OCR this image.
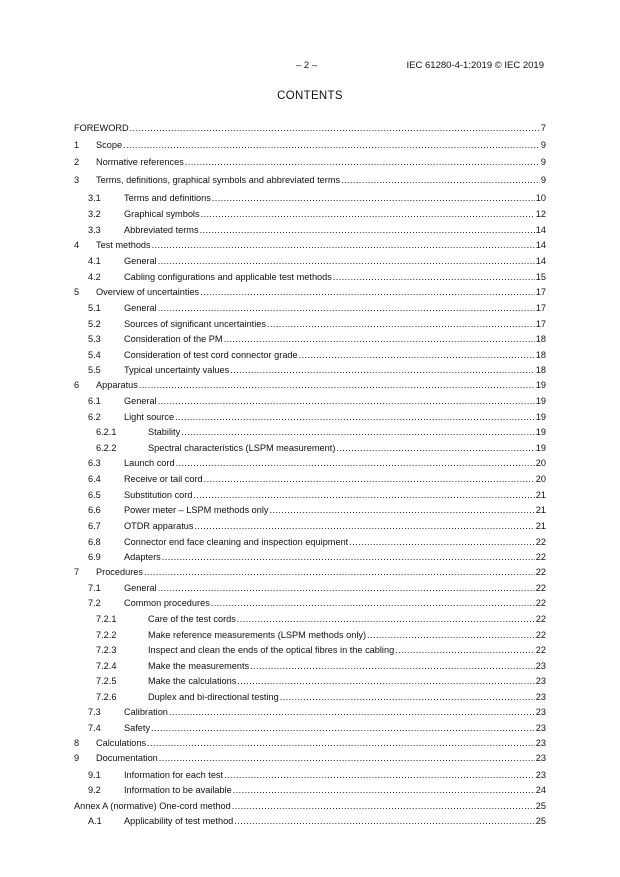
– 2 –	IEC 61280-4-1:2019 © IEC 2019
CONTENTS
FOREWORD .....	7
1	Scope .....	9
2	Normative references .....	9
3	Terms, definitions, graphical symbols and abbreviated terms .....	9
3.1	Terms and definitions .....	10
3.2	Graphical symbols .....	12
3.3	Abbreviated terms .....	14
4	Test methods .....	14
4.1	General .....	14
4.2	Cabling configurations and applicable test methods .....	15
5	Overview of uncertainties .....	17
5.1	General .....	17
5.2	Sources of significant uncertainties .....	17
5.3	Consideration of the PM .....	18
5.4	Consideration of test cord connector grade .....	18
5.5	Typical uncertainty values .....	18
6	Apparatus .....	19
6.1	General .....	19
6.2	Light source .....	19
6.2.1	Stability .....	19
6.2.2	Spectral characteristics (LSPM measurement) .....	19
6.3	Launch cord .....	20
6.4	Receive or tail cord .....	20
6.5	Substitution cord .....	21
6.6	Power meter – LSPM methods only .....	21
6.7	OTDR apparatus .....	21
6.8	Connector end face cleaning and inspection equipment .....	22
6.9	Adapters .....	22
7	Procedures .....	22
7.1	General .....	22
7.2	Common procedures .....	22
7.2.1	Care of the test cords .....	22
7.2.2	Make reference measurements (LSPM methods only) .....	22
7.2.3	Inspect and clean the ends of the optical fibres in the cabling .....	22
7.2.4	Make the measurements .....	23
7.2.5	Make the calculations .....	23
7.2.6	Duplex and bi-directional testing .....	23
7.3	Calibration .....	23
7.4	Safety .....	23
8	Calculations .....	23
9	Documentation .....	23
9.1	Information for each test .....	23
9.2	Information to be available .....	24
Annex A (normative) One-cord method .....	25
A.1	Applicability of test method .....	25
